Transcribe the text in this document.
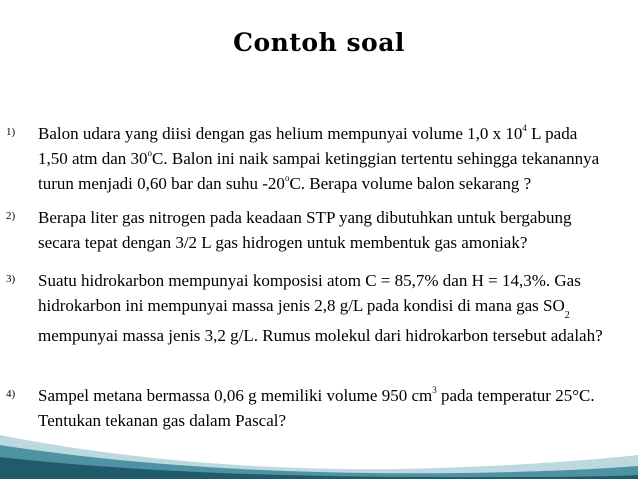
Contoh soal
1) Balon udara yang diisi dengan gas helium mempunyai volume 1,0 x $10^4$ L pada
1,50 atm dan 30$^o$C. Balon ini naik sampai ketinggian tertentu sehingga tekanannya
turun menjadi 0,60 bar dan suhu -20$^o$C. Berapa volume balon sekarang ?
2) Berapa liter gas nitrogen pada keadaan STP yang dibutuhkan untuk bergabung
secara tepat dengan 3/2 L gas hidrogen untuk membentuk gas amoniak?
3) Suatu hidrokarbon mempunyai komposisi atom C = 85,7% dan H = 14,3%. Gas
hidrokarbon ini mempunyai massa jenis 2,8 g/L pada kondisi di mana gas $SO_2$
mempunyai massa jenis 3,2 g/L. Rumus molekul dari hidrokarbon tersebut adalah?
4) Sampel metana bermassa 0,06 g memiliki volume 950 $cm^3$ pada temperatur 25°C.
Tentukan tekanan gas dalam Pascal?
